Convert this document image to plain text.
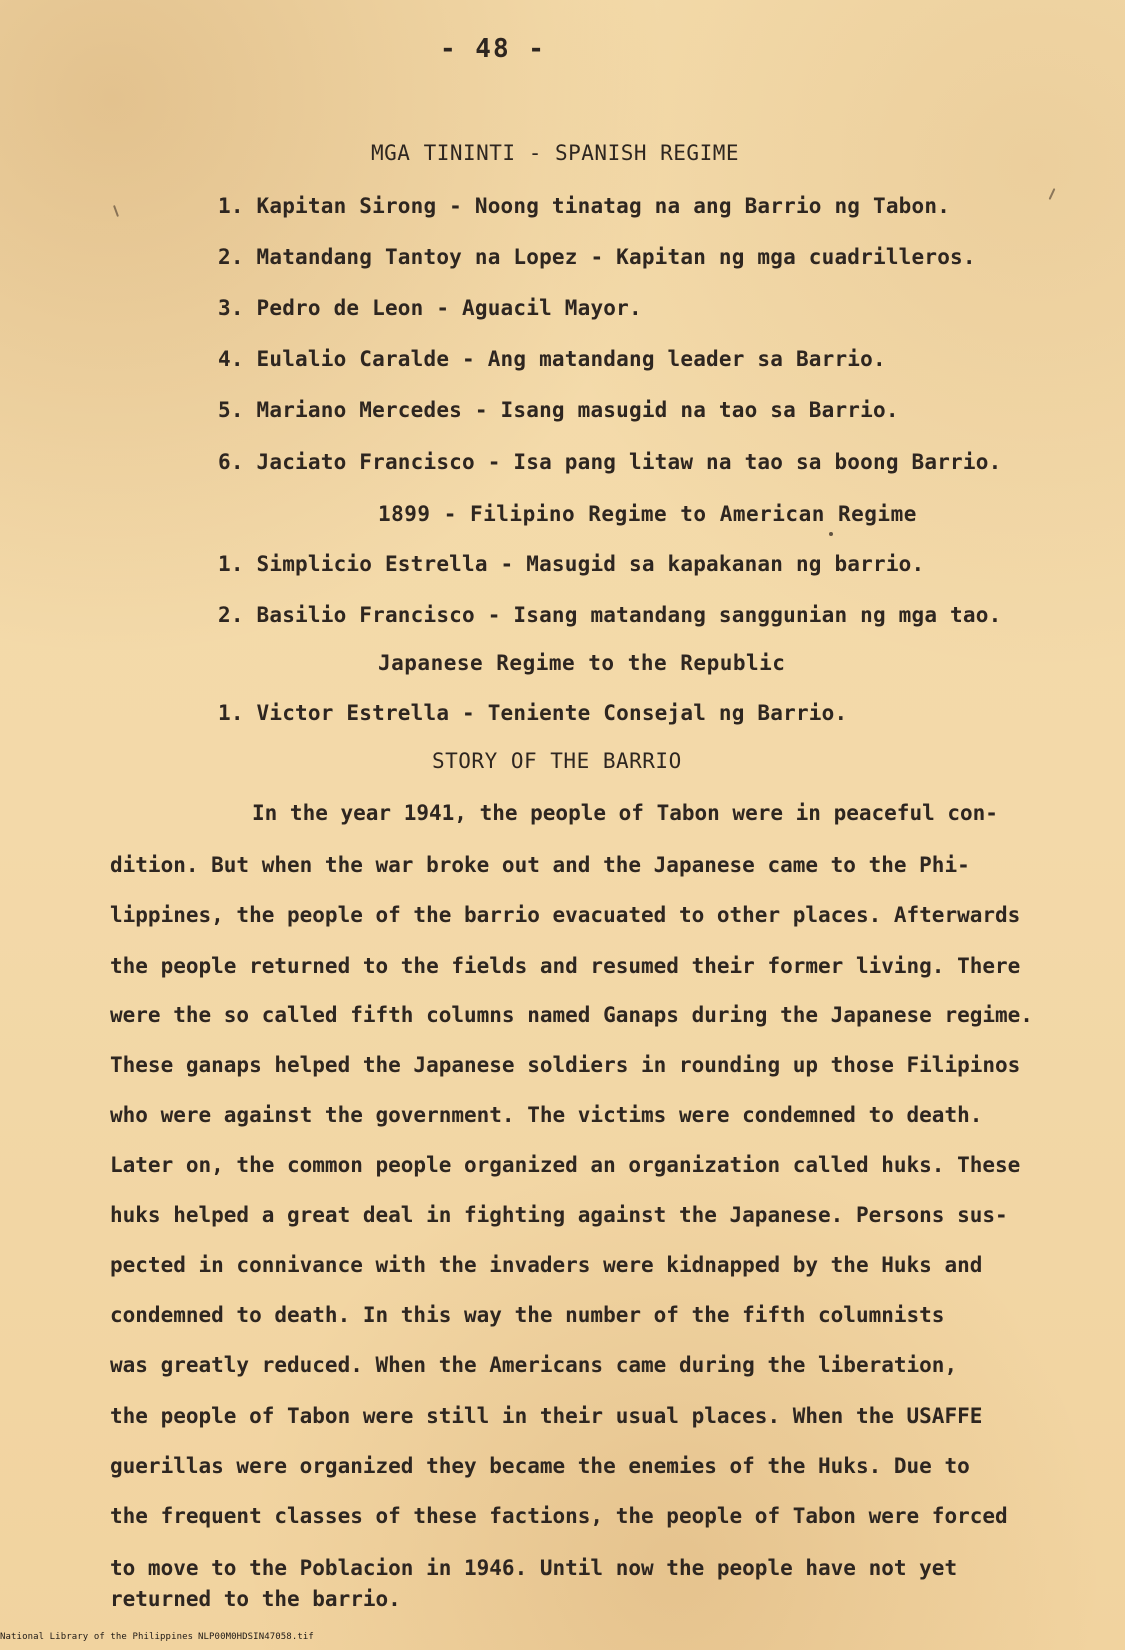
- 48 -

MGA TININTI - SPANISH REGIME

1. Kapitan Sirong - Noong tinatag na ang Barrio ng Tabon.

2. Matandang Tantoy na Lopez - Kapitan ng mga cuadrilleros.

3. Pedro de Leon - Aguacil Mayor.

4. Eulalio Caralde - Ang matandang leader sa Barrio.

5. Mariano Mercedes - Isang masugid na tao sa Barrio.

6. Jaciato Francisco - Isa pang litaw na tao sa boong Barrio.

1899 - Filipino Regime to American Regime

1. Simplicio Estrella - Masugid sa kapakanan ng barrio.

2. Basilio Francisco - Isang matandang sanggunian ng mga tao.

Japanese Regime to the Republic

1. Victor Estrella - Teniente Consejal ng Barrio.

STORY OF THE BARRIO

In the year 1941, the people of Tabon were in peaceful con-

dition. But when the war broke out and the Japanese came to the Phi-

lippines, the people of the barrio evacuated to other places. Afterwards

the people returned to the fields and resumed their former living. There

were the so called fifth columns named Ganaps during the Japanese regime.

These ganaps helped the Japanese soldiers in rounding up those Filipinos

who were against the government. The victims were condemned to death.

Later on, the common people organized an organization called huks. These

huks helped a great deal in fighting against the Japanese. Persons sus-

pected in connivance with the invaders were kidnapped by the Huks and

condemned to death. In this way the number of the fifth columnists

was greatly reduced. When the Americans came during the liberation,

the people of Tabon were still in their usual places. When the USAFFE

guerillas were organized they became the enemies of the Huks. Due to

the frequent classes of these factions, the people of Tabon were forced

to move to the Poblacion in 1946. Until now the people have not yet

returned to the barrio.

National Library of the Philippines NLP00M0HDSIN47058.tif
